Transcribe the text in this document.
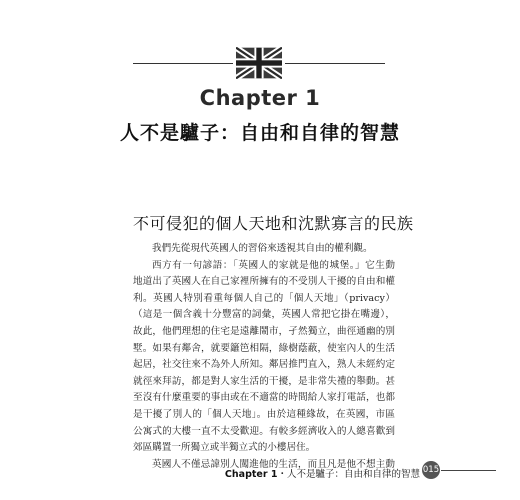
Chapter 1
人不是驢子：自由和自律的智慧
不可侵犯的個人天地和沈默寡言的民族
我們先從現代英國人的習俗來透視其自由的權利觀。
西方有一句諺語：「英國人的家就是他的城堡。」它生動
地道出了英國人在自己家裡所擁有的不受別人干擾的自由和權
利。英國人特別看重每個人自己的「個人天地」（privacy）
（這是一個含義十分豐富的詞彙，英國人常把它掛在嘴邊），
故此，他們理想的住宅是遠離鬧市，孑然獨立，曲徑通幽的別
墅。如果有鄰舍，就要籬笆相隔，綠樹蔭蔽，使室內人的生活
起居，社交往來不為外人所知。鄰居推門直入，熟人未經約定
就徑來拜訪，都是對人家生活的干擾，是非常失禮的舉動。甚
至沒有什麼重要的事由或在不適當的時間給人家打電話，也都
是干擾了別人的「個人天地」。由於這種緣故，在英國，市區
公寓式的大樓一直不太受歡迎。有較多經濟收入的人總喜歡到
郊區購置一所獨立或半獨立式的小樓居住。
英國人不僅忌諱別人闖進他的生活，而且凡是他不想主動
Chapter 1・人不是驢子：自由和自律的智慧 015
